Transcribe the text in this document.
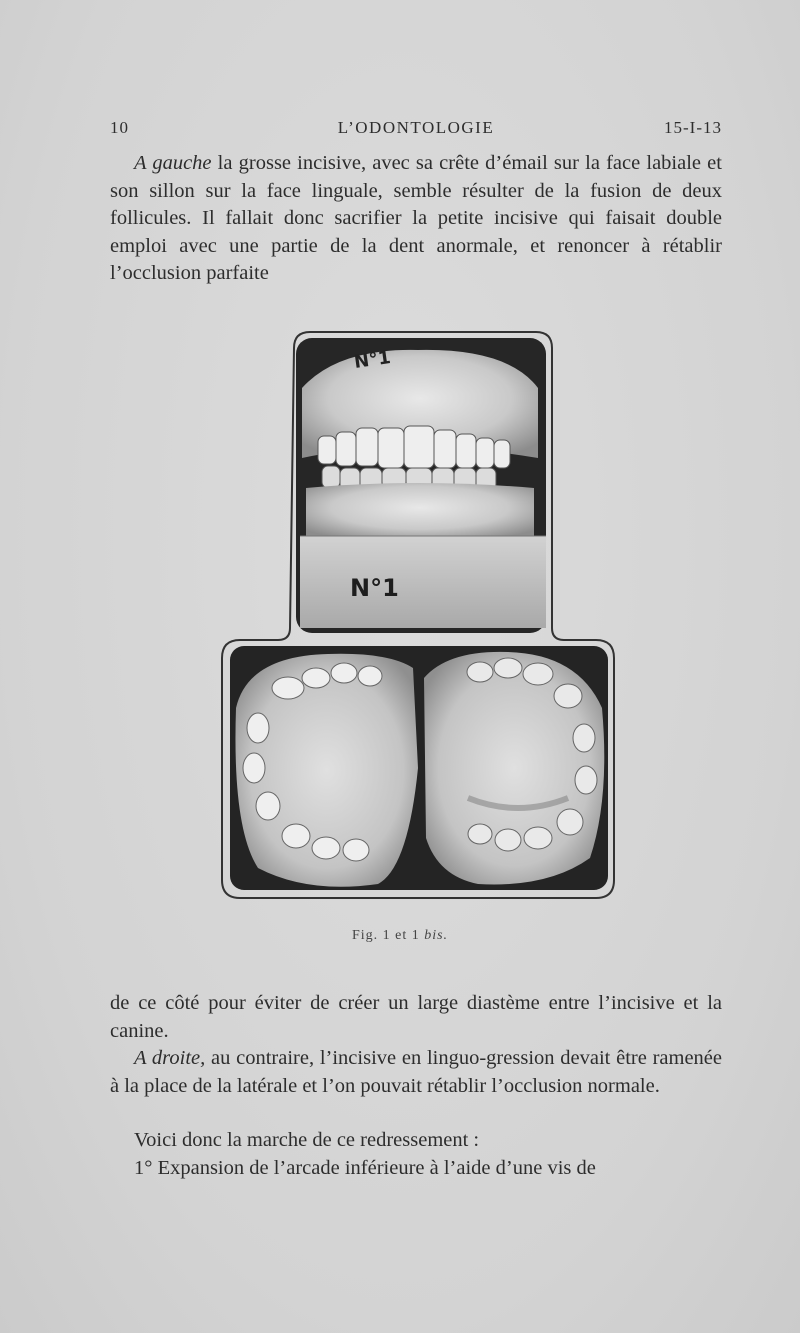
10	L’ODONTOLOGIE	15-I-13

A gauche la grosse incisive, avec sa crête d’émail sur la face labiale et son sillon sur la face linguale, semble résulter de la fusion de deux follicules. Il fallait donc sacrifier la petite incisive qui faisait double emploi avec une partie de la dent anormale, et renoncer à rétablir l’occlusion parfaite

N°1
N°1
Fig. 1 et 1 bis.

de ce côté pour éviter de créer un large diastème entre l’incisive et la canine.

A droite, au contraire, l’incisive en linguo-gression devait être ramenée à la place de la latérale et l’on pouvait rétablir l’occlusion normale.

Voici donc la marche de ce redressement :

1° Expansion de l’arcade inférieure à l’aide d’une vis de
